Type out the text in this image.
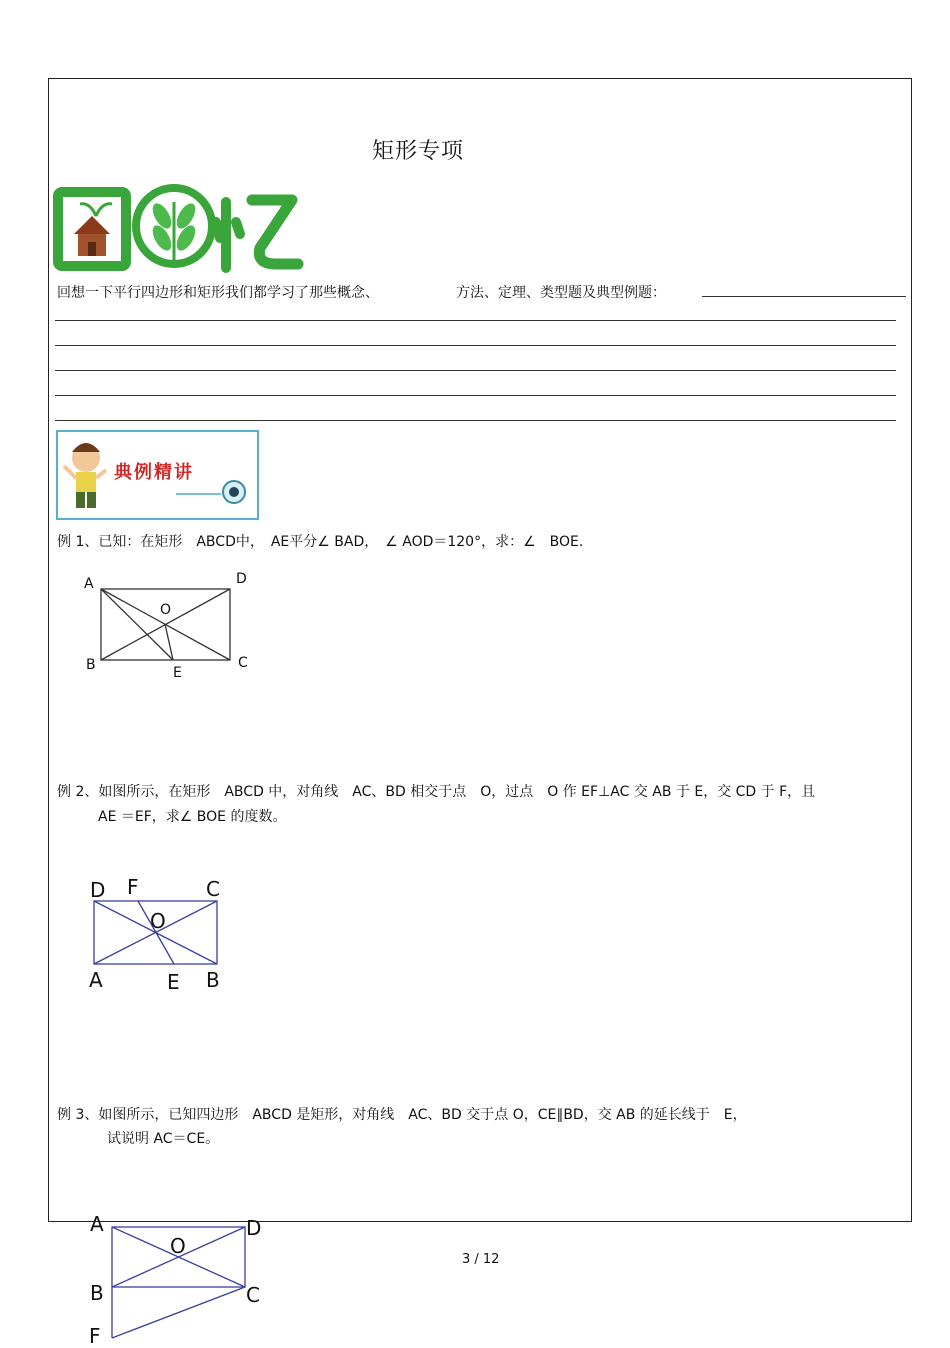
矩形专项
回想一下平行四边形和矩形我们都学习了那些概念、	方法、定理、类型题及典型例题：
典例精讲
例 1、已知：在矩形　ABCD中，　AE平分∠ BAD，　∠ AOD＝120°，求：∠　BOE.
A	D
O
B	C
E
例 2、如图所示，在矩形　ABCD 中，对角线　AC、BD 相交于点　O，过点　O 作 EF⊥AC 交 AB 于 E，交 CD 于 F，且
AE ＝EF，求∠ BOE 的度数。
D F	C
O
A	E B
例 3、如图所示，已知四边形　ABCD 是矩形，对角线　AC、BD 交于点 O，CE∥BD，交 AB 的延长线于　E，
试说明 AC＝CE。
A	D
O
B	C
F
3 / 12
